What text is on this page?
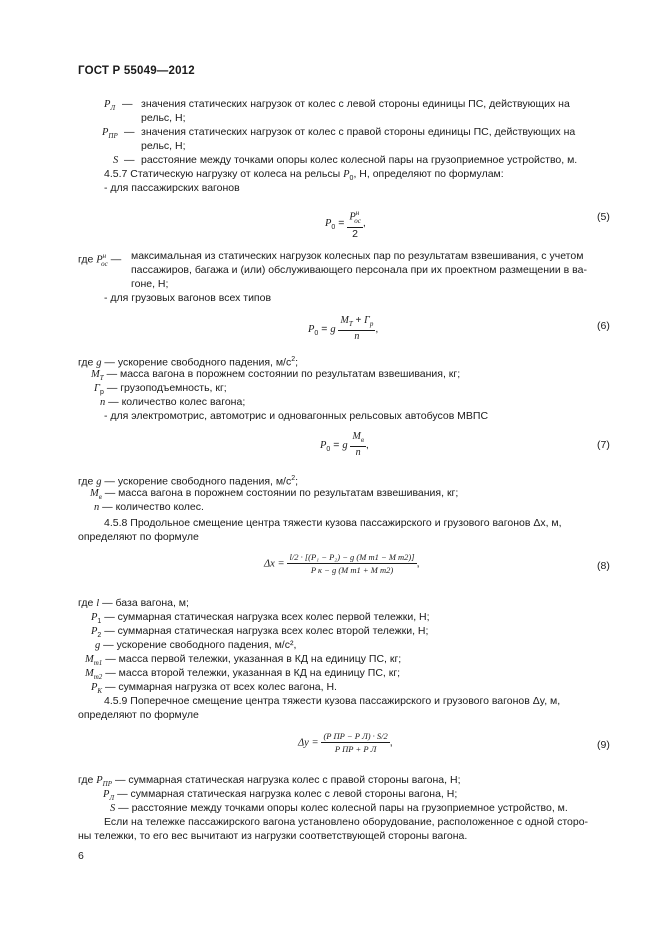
ГОСТ Р 55049—2012
$P_Л$ — значения статических нагрузок от колес с левой стороны единицы ПС, действующих на
рельс, Н;
$P_{ПР}$ — значения статических нагрузок от колес с правой стороны единицы ПС, действующих на
рельс, Н;
S — расстояние между точками опоры колес колесной пары на грузоприемное устройство, м.
4.5.7 Статическую нагрузку от колеса на рельсы $P_0$, Н, определяют по формулам:
- для пассажирских вагонов
$P_0 = \frac{P^н_{ос}}{2}$ ,
(5)
где $P^н_{ос}$ — максимальная из статических нагрузок колесных пар по результатам взвешивания, с учетом
пассажиров, багажа и (или) обслуживающего персонала при их проектном размещении в ва-
гоне, Н;
- для грузовых вагонов всех типов
$P_0 = g \frac{M_Т + Г_р}{n}$ ,	(6)
где g — ускорение свободного падения, $м/с^2$;
$M_Т$ — масса вагона в порожнем состоянии по результатам взвешивания, кг;
$Г_р$ — грузоподъемность, кг;
n — количество колес вагона;
- для электромотрис, автомотрис и одновагонных рельсовых автобусов МВПС
$P_0 = g \frac{M_в}{n}$ ,	(7)
где g — ускорение свободного падения, $м/с^2$;
$M_в$ — масса вагона в порожнем состоянии по результатам взвешивания, кг;
n — количество колес.
4.5.8 Продольное смещение центра тяжести кузова пассажирского и грузового вагонов Δx, м,
определяют по формуле
$\Delta x = \frac{\text{l/2 · [(P₁ − P₂) − g (M т1 − M т2)]}}{\text{P к − g (M т1 + M т2)}}$ ,	(8)
где l — база вагона, м;
$P_1$ — суммарная статическая нагрузка всех колес первой тележки, Н;
$P_2$ — суммарная статическая нагрузка всех колес второй тележки, Н;
g — ускорение свободного падения, м/с²,
$M_{т1}$ — масса первой тележки, указанная в КД на единицу ПС, кг;
$M_{т2}$ — масса второй тележки, указанная в КД на единицу ПС, кг;
$P_К$ — суммарная нагрузка от всех колес вагона, Н.
4.5.9 Поперечное смещение центра тяжести кузова пассажирского и грузового вагонов Δy, м,
определяют по формуле
$\Delta y = \frac{\text{(P ПР − P Л) · S/2}}{\text{P ПР + P Л}}$ ,	(9)
где $P_{ПР}$ — суммарная статическая нагрузка колес с правой стороны вагона, Н;
$P_Л$ — суммарная статическая нагрузка колес с левой стороны вагона, Н;
S — расстояние между точками опоры колес колесной пары на грузоприемное устройство, м.
Если на тележке пассажирского вагона установлено оборудование, расположенное с одной сторо-
ны тележки, то его вес вычитают из нагрузки соответствующей стороны вагона.
6
